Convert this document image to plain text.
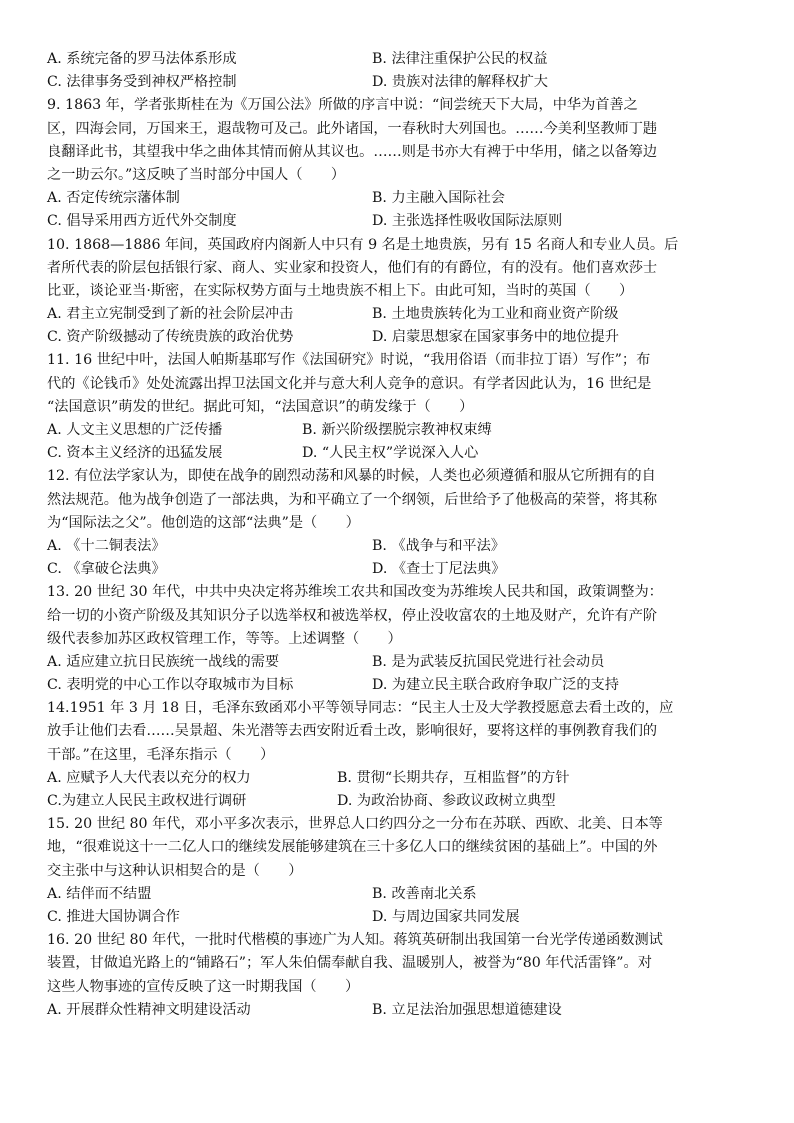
A. 系统完备的罗马法体系形成	B. 法律注重保护公民的权益
C. 法律事务受到神权严格控制	D. 贵族对法律的解释权扩大
9. 1863 年，学者张斯桂在为《万国公法》所做的序言中说：“间尝统天下大局，中华为首善之
区，四海会同，万国来王，遐哉物可及己。此外诸国，一春秋时大列国也。……今美利坚教师丁韪
良翻译此书，其望我中华之曲体其情而俯从其议也。……则是书亦大有裨于中华用，储之以备筹边
之一助云尔。”这反映了当时部分中国人（　　）
A. 否定传统宗藩体制	B. 力主融入国际社会
C. 倡导采用西方近代外交制度	D. 主张选择性吸收国际法原则
10. 1868—1886 年间，英国政府内阁新人中只有 9 名是土地贵族，另有 15 名商人和专业人员。后
者所代表的阶层包括银行家、商人、实业家和投资人，他们有的有爵位，有的没有。他们喜欢莎士
比亚，谈论亚当·斯密，在实际权势方面与土地贵族不相上下。由此可知，当时的英国（　　）
A. 君主立宪制受到了新的社会阶层冲击	B. 土地贵族转化为工业和商业资产阶级
C. 资产阶级撼动了传统贵族的政治优势	D. 启蒙思想家在国家事务中的地位提升
11. 16 世纪中叶，法国人帕斯基耶写作《法国研究》时说，“我用俗语（而非拉丁语）写作”；布
代的《论钱币》处处流露出捍卫法国文化并与意大利人竞争的意识。有学者因此认为，16 世纪是
“法国意识”萌发的世纪。据此可知，“法国意识”的萌发缘于（　　）
A. 人文主义思想的广泛传播	B. 新兴阶级摆脱宗教神权束缚
C. 资本主义经济的迅猛发展	D. “人民主权”学说深入人心
12. 有位法学家认为，即使在战争的剧烈动荡和风暴的时候，人类也必须遵循和服从它所拥有的自
然法规范。他为战争创造了一部法典，为和平确立了一个纲领，后世给予了他极高的荣誉，将其称
为“国际法之父”。他创造的这部“法典”是（　　）
A. 《十二铜表法》	B. 《战争与和平法》
C. 《拿破仑法典》	D. 《查士丁尼法典》
13. 20 世纪 30 年代，中共中央决定将苏维埃工农共和国改变为苏维埃人民共和国，政策调整为：
给一切的小资产阶级及其知识分子以选举权和被选举权，停止没收富农的土地及财产，允许有产阶
级代表参加苏区政权管理工作，等等。上述调整（　　）
A. 适应建立抗日民族统一战线的需要	B. 是为武装反抗国民党进行社会动员
C. 表明党的中心工作以夺取城市为目标	D. 为建立民主联合政府争取广泛的支持
14.1951 年 3 月 18 日，毛泽东致函邓小平等领导同志：“民主人士及大学教授愿意去看土改的，应
放手让他们去看……吴景超、朱光潜等去西安附近看土改，影响很好，要将这样的事例教育我们的
干部。”在这里，毛泽东指示（　　）
A. 应赋予人大代表以充分的权力	B. 贯彻“长期共存，互相监督”的方针
C.为建立人民民主政权进行调研	D. 为政治协商、参政议政树立典型
15. 20 世纪 80 年代，邓小平多次表示，世界总人口约四分之一分布在苏联、西欧、北美、日本等
地，“很难说这十一二亿人口的继续发展能够建筑在三十多亿人口的继续贫困的基础上”。中国的外
交主张中与这种认识相契合的是（　　）
A. 结伴而不结盟	B. 改善南北关系
C. 推进大国协调合作	D. 与周边国家共同发展
16. 20 世纪 80 年代，一批时代楷模的事迹广为人知。蒋筑英研制出我国第一台光学传递函数测试
装置，甘做追光路上的“铺路石”；军人朱伯儒奉献自我、温暖别人，被誉为“80 年代活雷锋”。对
这些人物事迹的宣传反映了这一时期我国（　　）
A. 开展群众性精神文明建设活动	B. 立足法治加强思想道德建设
